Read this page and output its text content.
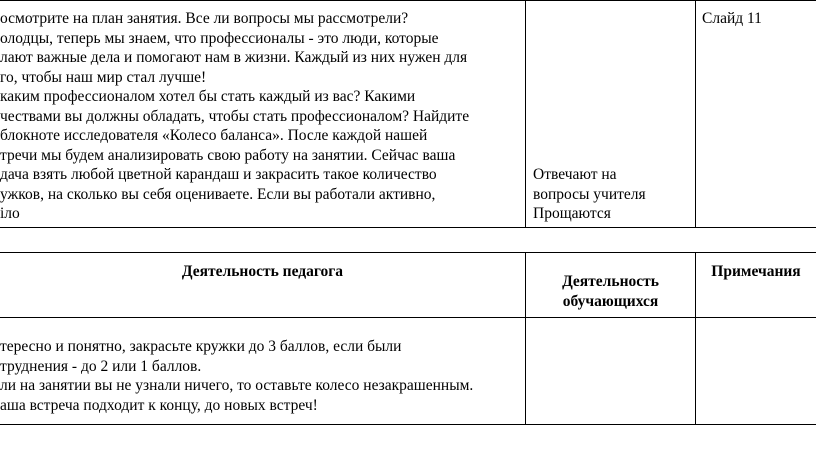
осмотрите на план занятия. Все ли вопросы мы рассмотрели?
олодцы, теперь мы знаем, что профессионалы - это люди, которые
лают важные дела и помогают нам в жизни. Каждый из них нужен для
го, чтобы наш мир стал лучше!
каким профессионалом хотел бы стать каждый из вас? Какими
чествами вы должны обладать, чтобы стать профессионалом? Найдите
блокноте исследователя «Колесо баланса». После каждой нашей
тречи мы будем анализировать свою работу на занятии. Сейчас ваша
дача взять любой цветной карандаш и закрасить такое количество
ужков, на сколько вы себя оцениваете. Если вы работали активно,
іло
Отвечают на
вопросы учителя
Прощаются
Слайд 11
Деятельность педагога
Деятельность
обучающихся
Примечания
тересно и понятно, закрасьте кружки до 3 баллов, если были
труднения - до 2 или 1 баллов.
ли на занятии вы не узнали ничего, то оставьте колесо незакрашенным.
аша встреча подходит к концу, до новых встреч!
